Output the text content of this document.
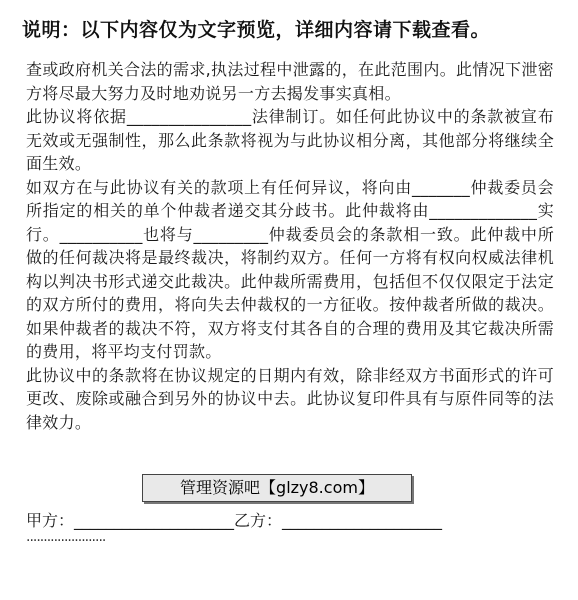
说明：以下内容仅为文字预览，详细内容请下载查看。

查或政府机关合法的需求,执法过程中泄露的，在此范围内。此情况下泄密方将尽最大努力及时地劝说另一方去揭发事实真相。

此协议将依据_______________法律制订。如任何此协议中的条款被宣布无效或无强制性，那么此条款将视为与此协议相分离，其他部分将继续全面生效。

如双方在与此协议有关的款项上有任何异议，将向由_______仲裁委员会所指定的相关的单个仲裁者递交其分歧书。此仲裁将由_____________实行。__________也将与_________仲裁委员会的条款相一致。此仲裁中所做的任何裁决将是最终裁决，将制约双方。任何一方将有权向权威法律机构以判决书形式递交此裁决。此仲裁所需费用，包括但不仅仅限定于法定的双方所付的费用，将向失去仲裁权的一方征收。按仲裁者所做的裁决。如果仲裁者的裁决不符，双方将支付其各自的合理的费用及其它裁决所需的费用，将平均支付罚款。

此协议中的条款将在协议规定的日期内有效，除非经双方书面形式的许可更改、废除或融合到另外的协议中去。此协议复印件具有与原件同等的法律效力。

甲方：____________________乙方：____________________
·······················
管理资源吧【glzy8.com】
